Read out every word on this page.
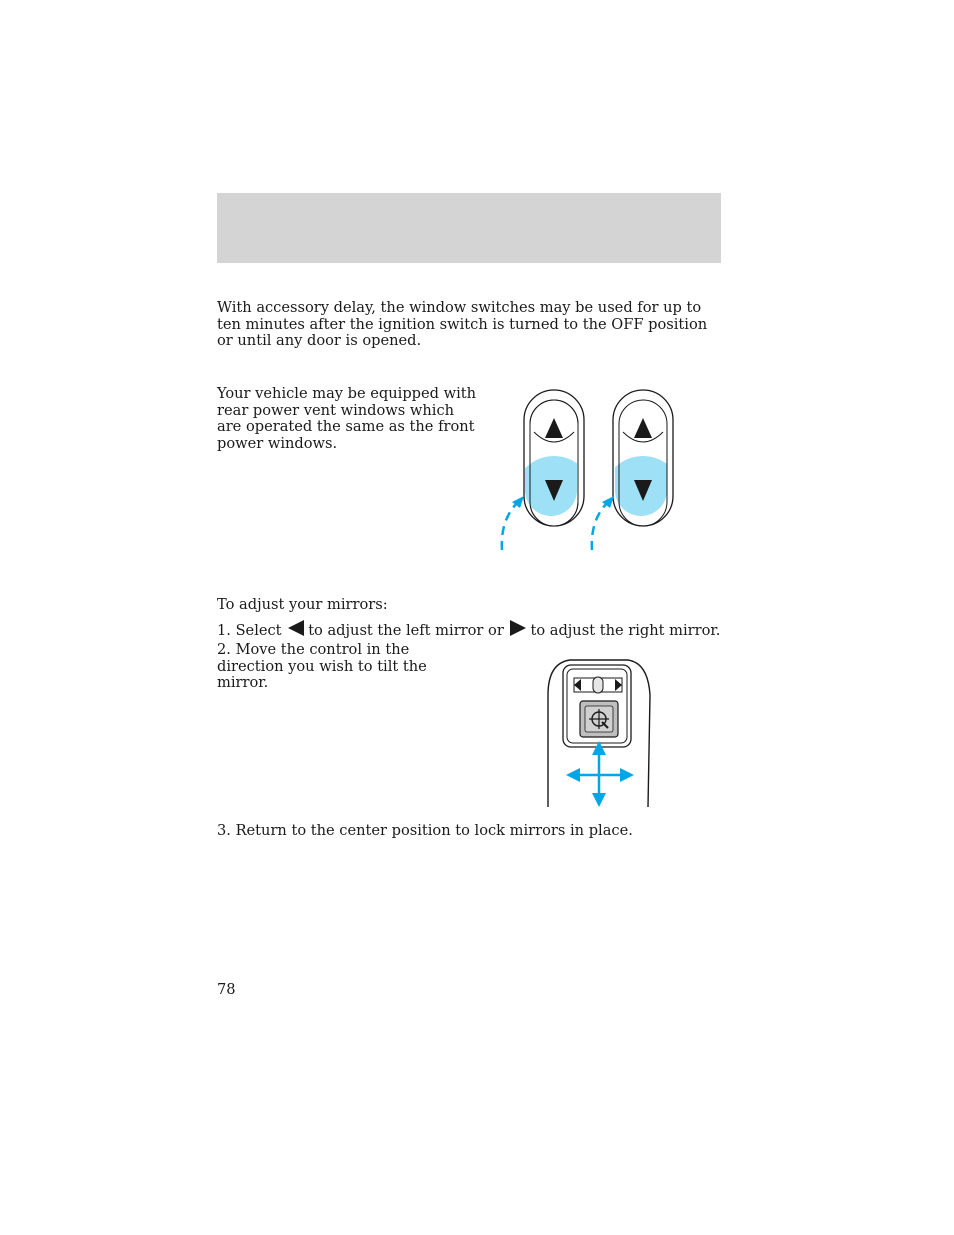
With accessory delay, the window switches may be used for up to ten minutes after the ignition switch is turned to the OFF position or until any door is opened.

Your vehicle may be equipped with rear power vent windows which are operated the same as the front power windows.

To adjust your mirrors:

1. Select to adjust the left mirror or to adjust the right mirror.

2. Move the control in the direction you wish to tilt the mirror.

3. Return to the center position to lock mirrors in place.

78
